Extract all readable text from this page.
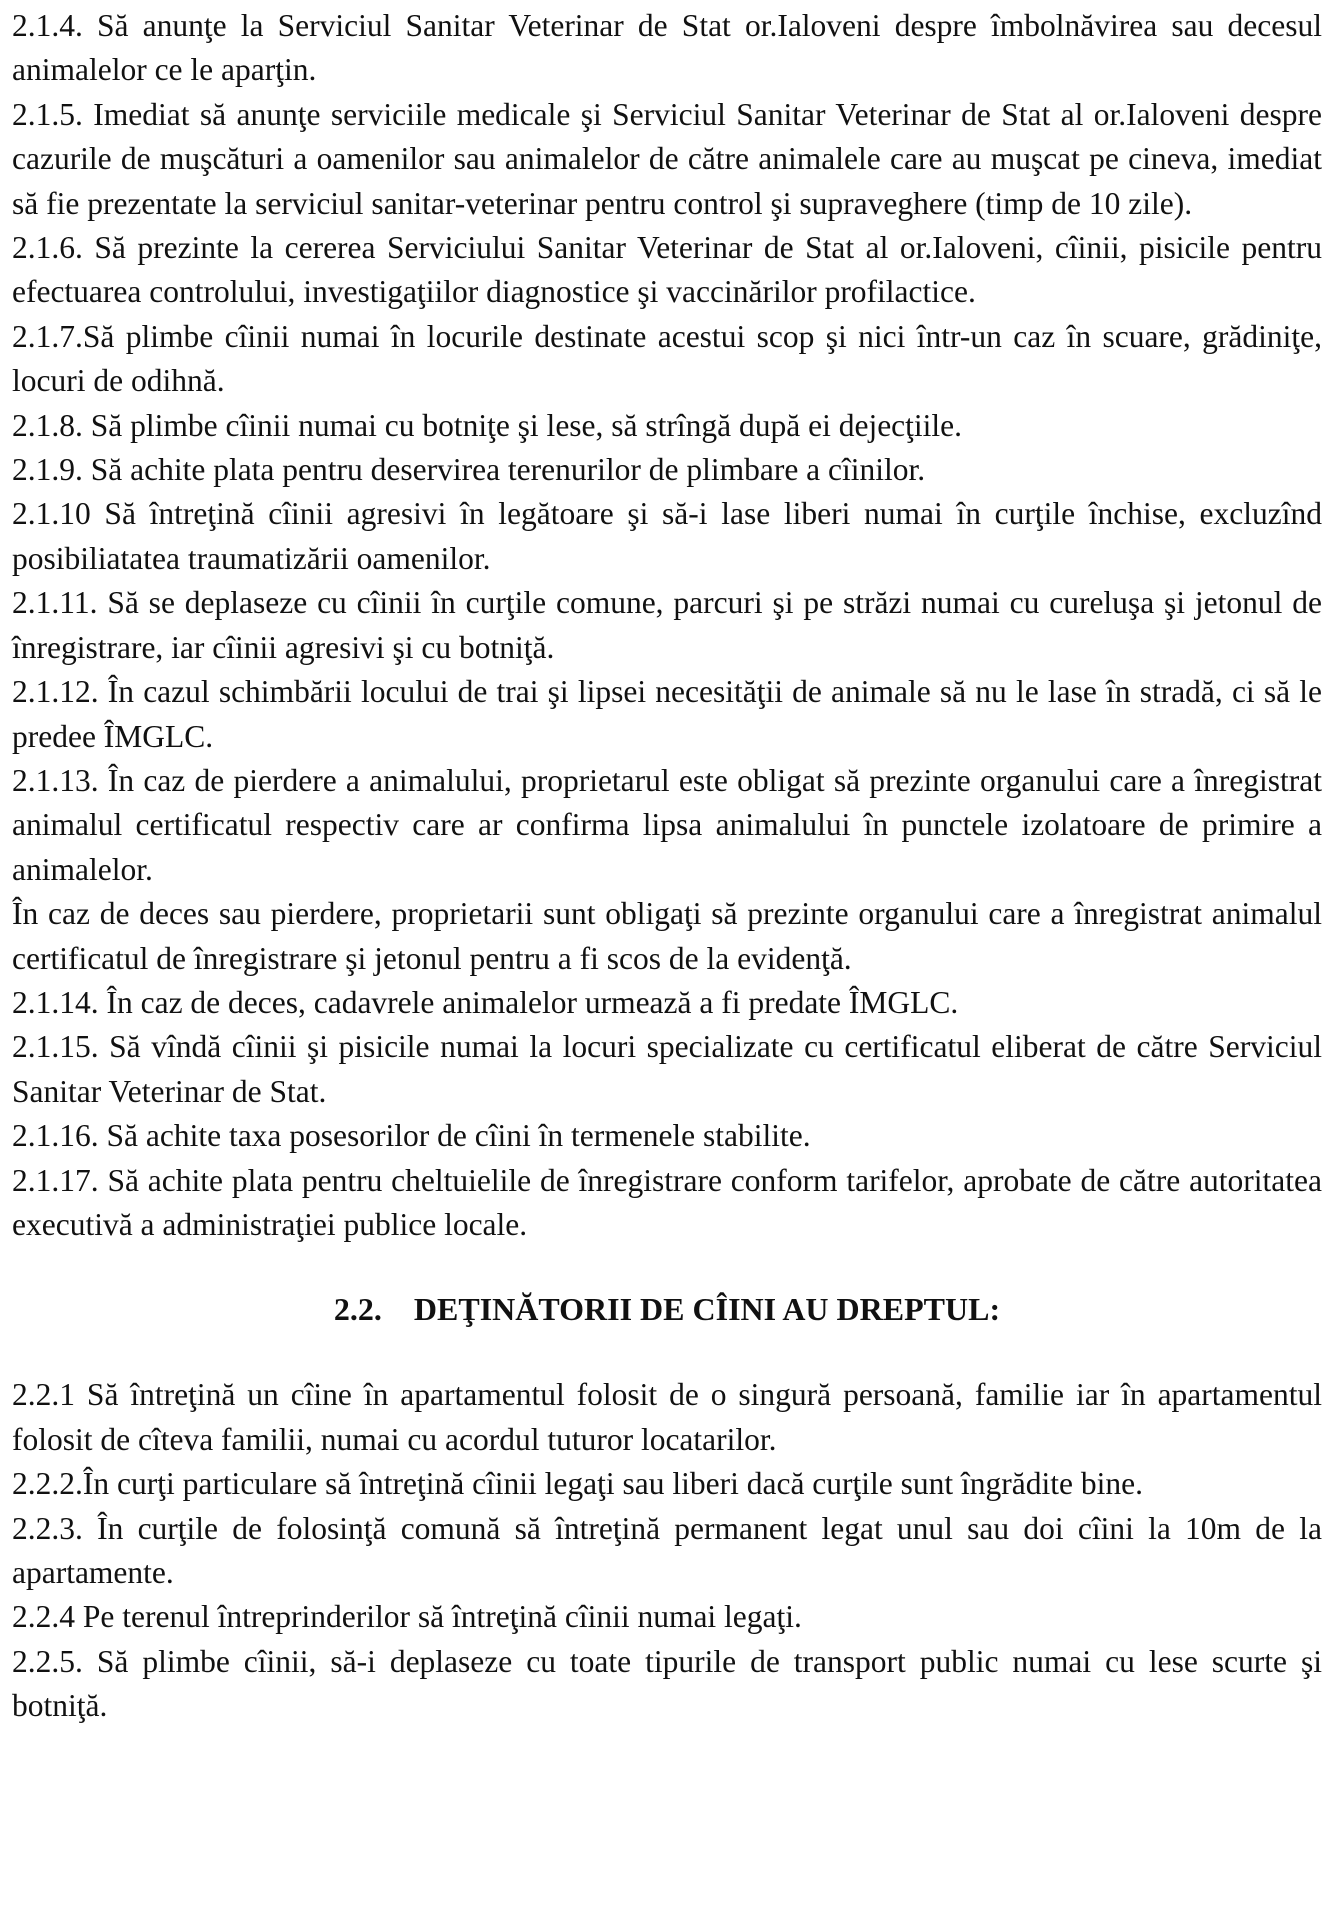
2.1.4. Să anunţe la Serviciul Sanitar Veterinar de Stat or.Ialoveni despre îmbolnăvirea sau decesul animalelor ce le aparţin.

2.1.5. Imediat să anunţe serviciile medicale şi Serviciul Sanitar Veterinar de Stat al or.Ialoveni despre cazurile de muşcături a oamenilor sau animalelor de către animalele care au muşcat pe cineva, imediat să fie prezentate la serviciul sanitar-veterinar pentru control şi supraveghere (timp de 10 zile).

2.1.6. Să prezinte la cererea Serviciului Sanitar Veterinar de Stat al or.Ialoveni, cîinii, pisicile pentru efectuarea controlului, investigaţiilor diagnostice şi vaccinărilor profilactice.

2.1.7.Să plimbe cîinii numai în locurile destinate acestui scop şi nici într-un caz în scuare, grădiniţe, locuri de odihnă.

2.1.8. Să plimbe cîinii numai cu botniţe şi lese, să strîngă după ei dejecţiile.

2.1.9. Să achite plata pentru deservirea terenurilor de plimbare a cîinilor.

2.1.10 Să întreţină cîinii agresivi în legătoare şi să-i lase liberi numai în curţile închise, excluzînd posibiliatatea traumatizării oamenilor.

2.1.11. Să se deplaseze cu cîinii în curţile comune, parcuri şi pe străzi numai cu cureluşa şi jetonul de înregistrare, iar cîinii agresivi şi cu botniţă.

2.1.12. În cazul schimbării locului de trai şi lipsei necesităţii de animale să nu le lase în stradă, ci să le predee ÎMGLC.

2.1.13. În caz de pierdere a animalului, proprietarul este obligat să prezinte organului care a înregistrat animalul certificatul respectiv care ar confirma lipsa animalului în punctele izolatoare de primire a animalelor.

În caz de deces sau pierdere, proprietarii sunt obligaţi să prezinte organului care a înregistrat animalul certificatul de înregistrare şi jetonul pentru a fi scos de la evidenţă.

2.1.14. În caz de deces, cadavrele animalelor urmează a fi predate ÎMGLC.

2.1.15. Să vîndă cîinii şi pisicile numai la locuri specializate cu certificatul eliberat de către Serviciul Sanitar Veterinar de Stat.

2.1.16. Să achite taxa posesorilor de cîini în termenele stabilite.

2.1.17. Să achite plata pentru cheltuielile de înregistrare conform tarifelor, aprobate de către autoritatea executivă a administraţiei publice locale.

2.2.    DEŢINĂTORII DE CÎINI AU DREPTUL:

2.2.1 Să întreţină un cîine în apartamentul folosit de o singură persoană, familie iar în apartamentul folosit de cîteva familii, numai cu acordul tuturor locatarilor.

2.2.2.În curţi particulare să întreţină cîinii legaţi sau liberi dacă curţile sunt îngrădite bine.

2.2.3. În curţile de folosinţă comună să întreţină permanent legat unul sau doi cîini la 10m de la apartamente.

2.2.4 Pe terenul întreprinderilor să întreţină cîinii numai legaţi.

2.2.5. Să plimbe cîinii, să-i deplaseze cu toate tipurile de transport public numai cu lese scurte şi botniţă.
